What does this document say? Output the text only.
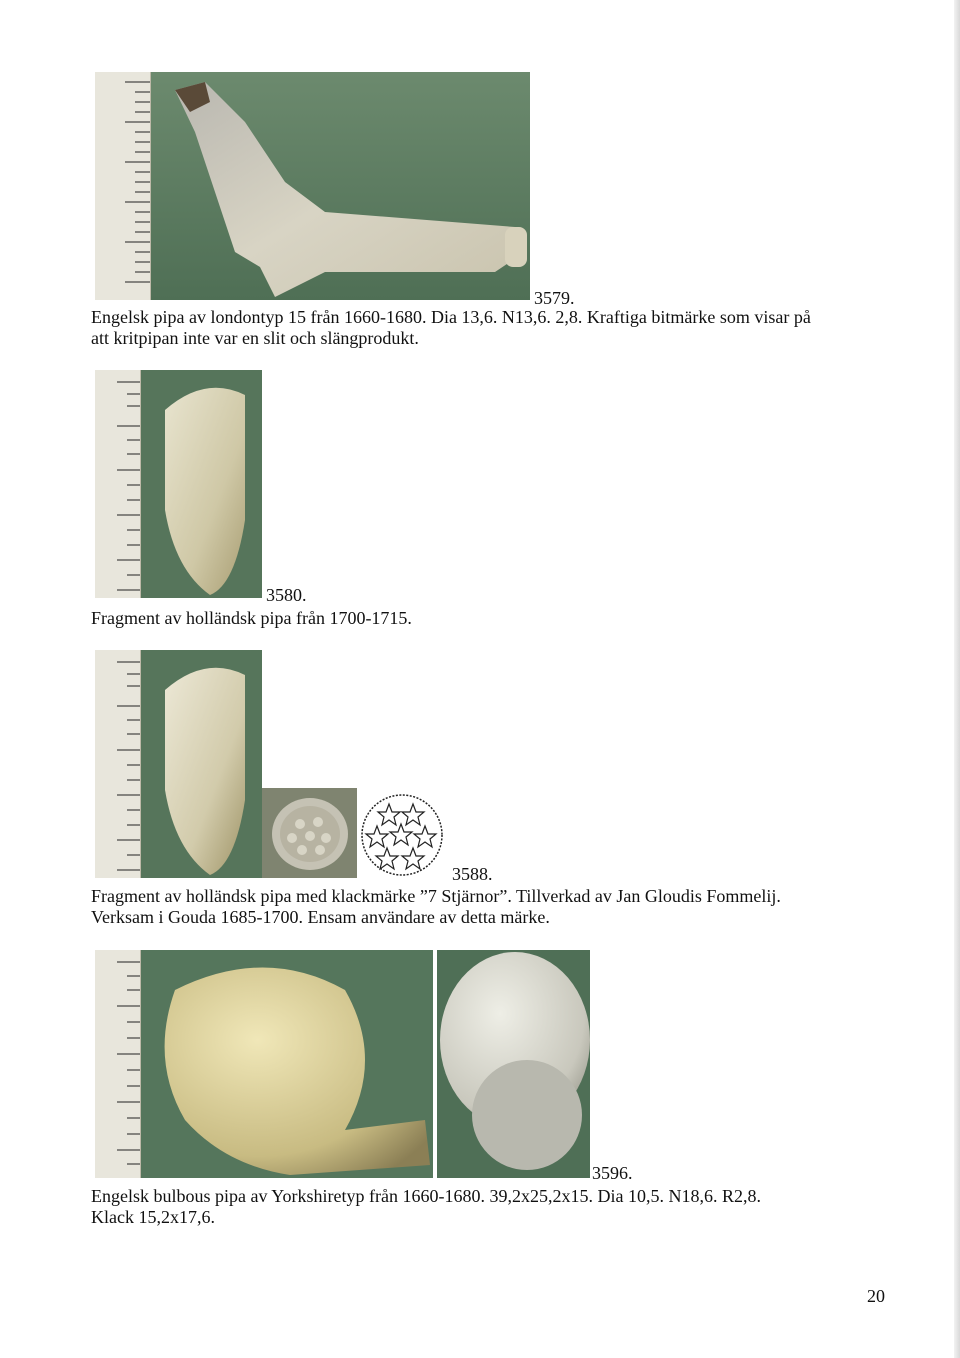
3579.
Engelsk pipa av londontyp 15 från 1660-1680. Dia 13,6. N13,6. 2,8. Kraftiga bitmärke som visar på
att kritpipan inte var en slit och slängprodukt.
3580.
Fragment av holländsk pipa från 1700-1715.
3588.
Fragment av holländsk pipa med klackmärke ”7 Stjärnor”. Tillverkad av Jan Gloudis Fommelij.
Verksam i Gouda 1685-1700. Ensam användare av detta märke.
3596.
Engelsk bulbous pipa av Yorkshiretyp från 1660-1680. 39,2x25,2x15. Dia 10,5. N18,6. R2,8.
Klack 15,2x17,6.
20
